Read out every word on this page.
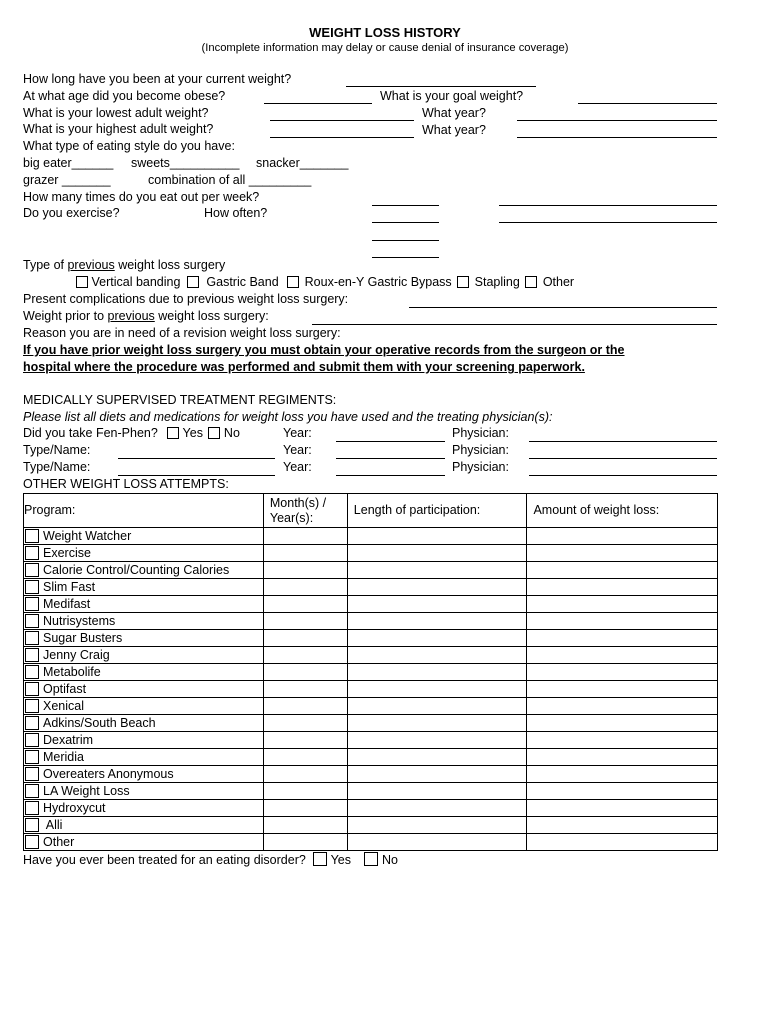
WEIGHT LOSS HISTORY
(Incomplete information may delay or cause denial of insurance coverage)
How long have you been at your current weight?
At what age did you become obese?	What is your goal weight?
What is your lowest adult weight?	What year?
What is your highest adult weight?	What year?
What type of eating style do you have:
big eater______ sweets__________ snacker_______
grazer _______	combination of all _________
How many times do you eat out per week?
Do you exercise?	How often?
Type of previous weight loss surgery
Vertical banding Gastric Band Roux-en-Y Gastric Bypass Stapling Other
Present complications due to previous weight loss surgery:
Weight prior to previous weight loss surgery:
Reason you are in need of a revision weight loss surgery:
If you have prior weight loss surgery you must obtain your operative records from the surgeon or the
hospital where the procedure was performed and submit them with your screening paperwork.
MEDICALLY SUPERVISED TREATMENT REGIMENTS:
Please list all diets and medications for weight loss you have used and the treating physician(s):
Did you take Fen-Phen? Yes No	Year:	Physician:
Type/Name:	Year:	Physician:
Type/Name:	Year:	Physician:
OTHER WEIGHT LOSS ATTEMPTS:
Program:	Month(s) / Year(s):	Length of participation:	Amount of weight loss:
Weight Watcher			
Exercise			
Calorie Control/Counting Calories			
Slim Fast			
Medifast			
Nutrisystems			
Sugar Busters			
Jenny Craig			
Metabolife			
Optifast			
Xenical			
Adkins/South Beach			
Dexatrim			
Meridia			
Overeaters Anonymous			
LA Weight Loss			
Hydroxycut			
Alli			
Other			
Have you ever been treated for an eating disorder? Yes No
